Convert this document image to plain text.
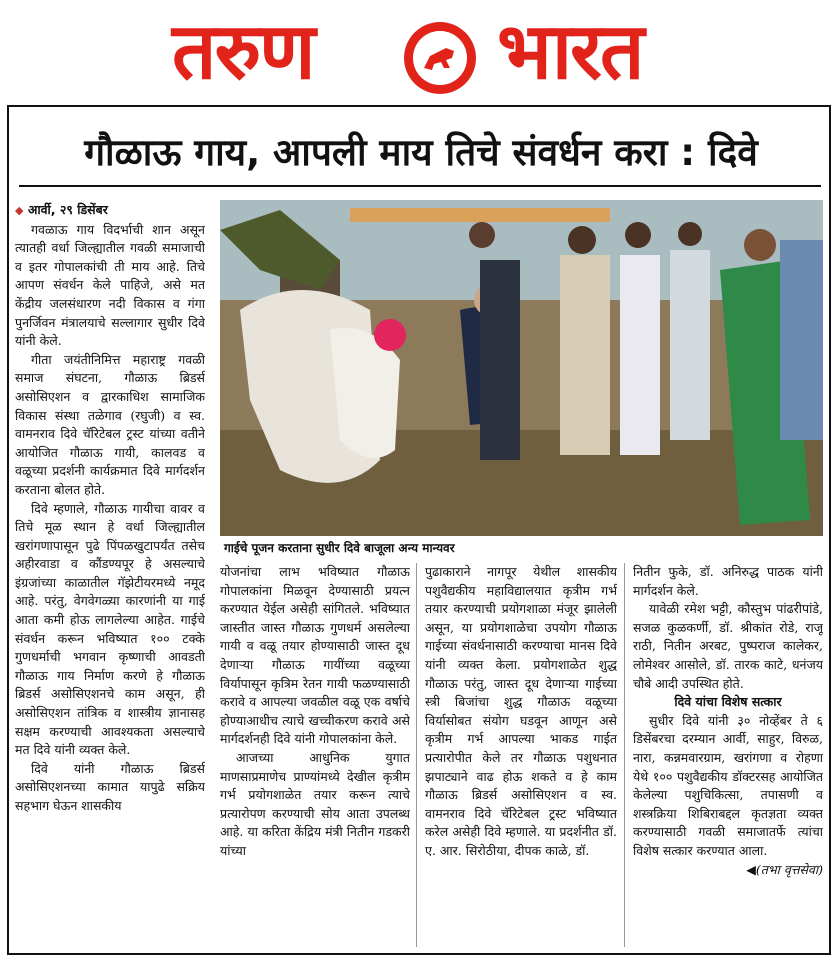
तरुण भारत
गौळाऊ गाय, आपली माय तिचे संवर्धन करा : दिवे

◆ आर्वी, २९ डिसेंबर

गवळाऊ गाय विदर्भाची शान असून त्यातही वर्धा जिल्ह्यातील गवळी समाजाची व इतर गोपालकांची ती माय आहे. तिचे आपण संवर्धन केले पाहिजे, असे मत केंद्रीय जलसंधारण नदी विकास व गंगा पुनर्जिवन मंत्रालयाचे सल्लागार सुधीर दिवे यांनी केले.

गीता जयंतीनिमित्त महाराष्ट्र गवळी समाज संघटना, गौळाऊ ब्रिडर्स असोसिएशन व द्वारकाधिश सामाजिक विकास संस्था तळेगाव (रघुजी) व स्व. वामनराव दिवे चॅरिटेबल ट्रस्ट यांच्या वतीने आयोजित गौळाऊ गायी, कालवड व वळूच्या प्रदर्शनी कार्यक्रमात दिवे मार्गदर्शन करताना बोलत होते.

दिवे म्हणाले, गौळाऊ गायीचा वावर व तिचे मूळ स्थान हे वर्धा जिल्ह्यातील खरांगणापासून पुढे पिंपळखुटापर्यंत तसेच अहीरवाडा व कौंडण्यपूर हे असल्याचे इंग्रजांच्या काळातील गॅझेटीयरमध्ये नमूद आहे. परंतु, वेगवेगळ्या कारणांनी या गाई आता कमी होऊ लागलेल्या आहेत. गाईचे संवर्धन करून भविष्यात १०० टक्के गुणधर्माची भगवान कृष्णाची आवडती गौळाऊ गाय निर्माण करणे हे गौळाऊ ब्रिडर्स असोसिएशनचे काम असून, ही असोसिएशन तांत्रिक व शास्त्रीय ज्ञानासह सक्षम करण्याची आवश्यकता असल्याचे मत दिवे यांनी व्यक्त केले.

दिवे यांनी गौळाऊ ब्रिडर्स असोसिएशनच्या कामात यापुढे सक्रिय सहभाग घेऊन शासकीय

गाईचे पूजन करताना सुधीर दिवे बाजूला अन्य मान्यवर

योजनांचा लाभ भविष्यात गौळाऊ गोपालकांना मिळवून देण्यासाठी प्रयत्न करण्यात येईल असेही सांगितले. भविष्यात जास्तीत जास्त गौळाऊ गुणधर्म असलेल्या गायी व वळू तयार होण्यासाठी जास्त दूध देणाऱ्या गौळाऊ गायींच्या वळूच्या विर्यापासून कृत्रिम रेतन गायी फळण्यासाठी करावे व आपल्या जवळील वळू एक वर्षाचे होण्याआधीच त्याचे खच्चीकरण करावे असे मार्गदर्शनही दिवे यांनी गोपालकांना केले.

आजच्या आधुनिक युगात माणसाप्रमाणेच प्राण्यांमध्ये देखील कृत्रीम गर्भ प्रयोगशाळेत तयार करून त्याचे प्रत्यारोपण करण्याची सोय आता उपलब्ध आहे. या करिता केंद्रिय मंत्री नितीन गडकरी यांच्या

पुढाकाराने नागपूर येथील शासकीय पशुवैद्यकीय महाविद्यालयात कृत्रीम गर्भ तयार करण्याची प्रयोगशाळा मंजूर झालेली असून, या प्रयोगशाळेचा उपयोग गौळाऊ गाईच्या संवर्धनासाठी करण्याचा मानस दिवे यांनी व्यक्त केला. प्रयोगशाळेत शुद्ध गौळाऊ परंतु, जास्त दूध देणाऱ्या गाईच्या स्त्री बिजांचा शुद्ध गौळाऊ वळूच्या विर्यासोबत संयोग घडवून आणून असे कृत्रीम गर्भ आपल्या भाकड गाईत प्रत्यारोपीत केले तर गौळाऊ पशुधनात झपाट्याने वाढ होऊ शकते व हे काम गौळाऊ ब्रिडर्स असोसिएशन व स्व. वामनराव दिवे चॅरिटेबल ट्रस्ट भविष्यात करेल असेही दिवे म्हणाले. या प्रदर्शनीत डॉ. ए. आर. सिरोठीया, दीपक काळे, डॉ.

नितीन फुके, डॉ. अनिरुद्ध पाठक यांनी मार्गदर्शन केले.

यावेळी रमेश भट्टी, कौस्तुभ पांढरीपांडे, सजळ कुळकर्णी, डॉ. श्रीकांत रोडे, राजू राठी, नितीन अरबट, पुष्पराज कालेकर, लोमेश्वर आसोले, डॉ. तारक काटे, धनंजय चौबे आदी उपस्थित होते.

दिवे यांचा विशेष सत्कार

सुधीर दिवे यांनी ३० नोव्हेंबर ते ६ डिसेंबरचा दरम्यान आर्वी, साहुर, विरुळ, नारा, कन्नमवारग्राम, खरांगणा व रोहणा येथे १०० पशुवैद्यकीय डॉक्टरसह आयोजित केलेल्या पशुचिकित्सा, तपासणी व शस्त्रक्रिया शिबिराबद्दल कृतज्ञता व्यक्त करण्यासाठी गवळी समाजातर्फे त्यांचा विशेष सत्कार करण्यात आला.

◀(तभा वृत्तसेवा)
